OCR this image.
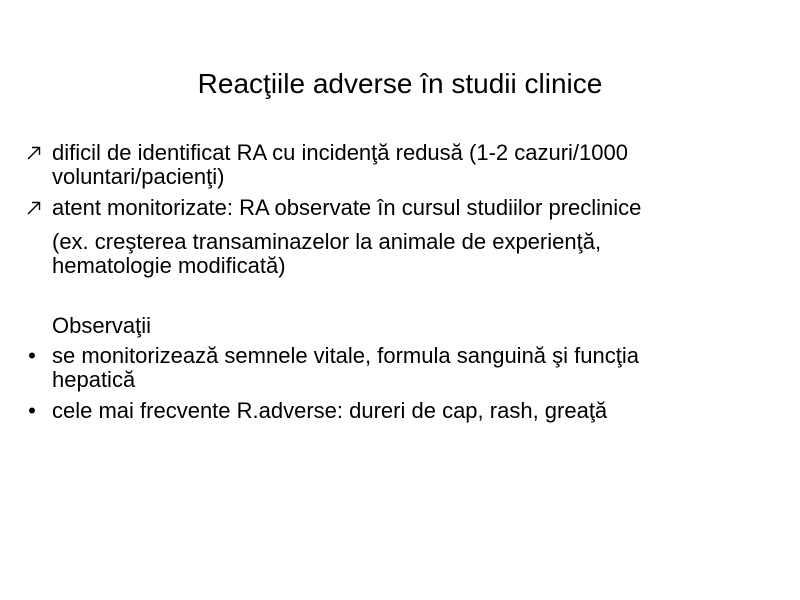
Reacţiile adverse în studii clinice
dificil de identificat RA cu incidenţă redusă (1-2 cazuri/1000
voluntari/pacienţi)
atent monitorizate: RA observate în cursul studiilor preclinice
(ex. creşterea transaminazelor la animale de experienţă,
hematologie modificată)
Observaţii
• se monitorizează semnele vitale, formula sanguină şi funcţia
hepatică
• cele mai frecvente R.adverse: dureri de cap, rash, greaţă
